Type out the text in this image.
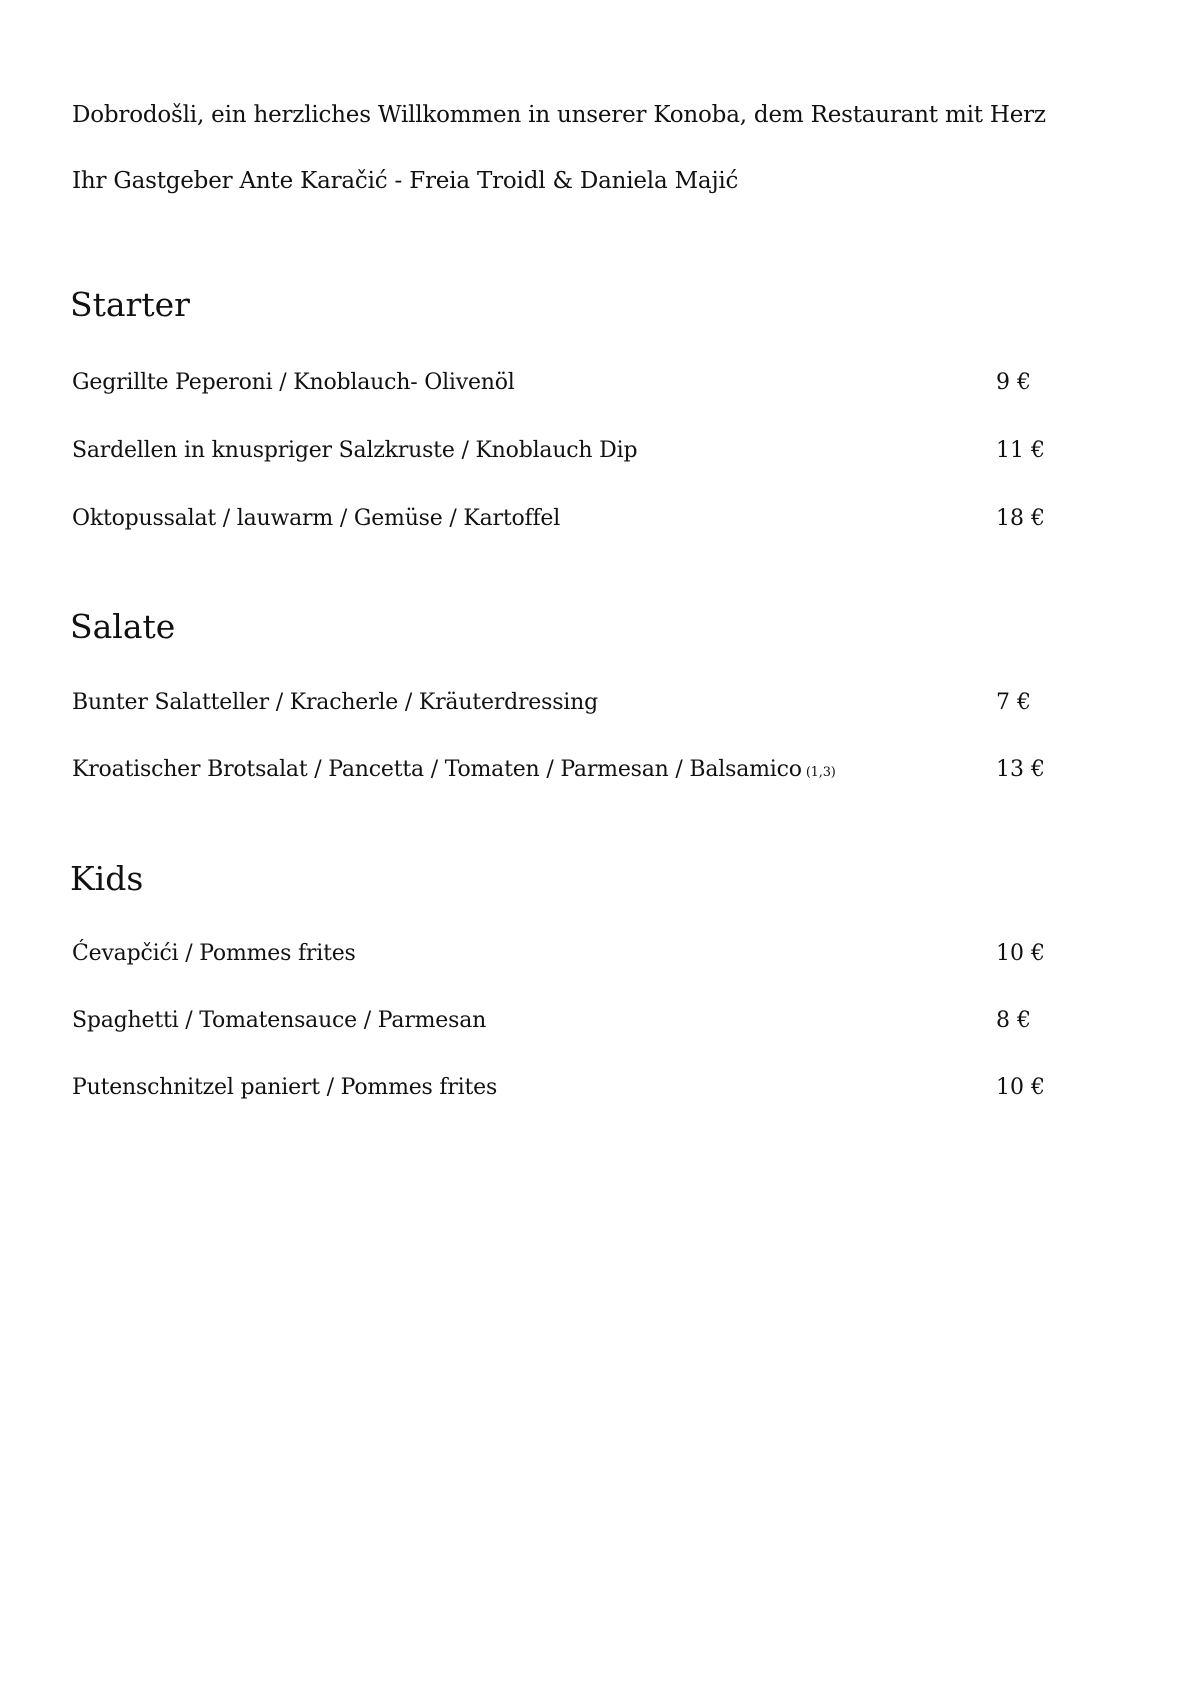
Dobrodošli, ein herzliches Willkommen in unserer Konoba, dem Restaurant mit Herz
Ihr Gastgeber Ante Karačić - Freia Troidl & Daniela Majić
Starter
Gegrillte Peperoni / Knoblauch- Olivenöl	9 €
Sardellen in knuspriger Salzkruste / Knoblauch Dip	11 €
Oktopussalat / lauwarm / Gemüse / Kartoffel	18 €
Salate
Bunter Salatteller / Kracherle / Kräuterdressing	7 €
Kroatischer Brotsalat / Pancetta / Tomaten / Parmesan / Balsamico (1,3)	13 €
Kids
Ćevapčići / Pommes frites	10 €
Spaghetti / Tomatensauce / Parmesan	8 €
Putenschnitzel paniert / Pommes frites	10 €
